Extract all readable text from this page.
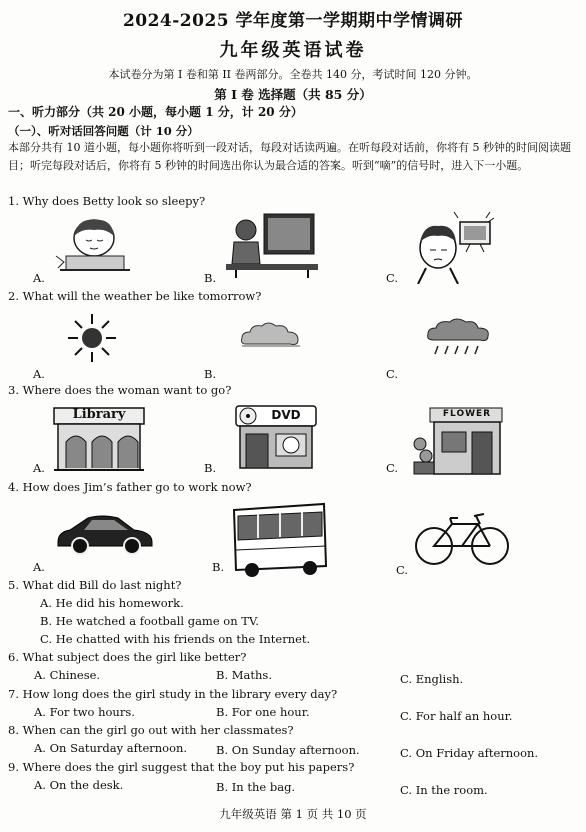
2024-2025 学年度第一学期期中学情调研
九年级英语试卷
本试卷分为第 I 卷和第 II 卷两部分。全卷共 140 分，考试时间 120 分钟。
第 I 卷 选择题（共 85 分）
一、听力部分（共 20 小题，每小题 1 分，计 20 分）
（一）、听对话回答问题（计 10 分）
本部分共有 10 道小题，每小题你将听到一段对话，每段对话读两遍。在听每段对话前，你将有 5 秒钟的时间阅读题目；听完每段对话后，你将有 5 秒钟的时间选出你认为最合适的答案。听到“嘀”的信号时，进入下一小题。
1. Why does Betty look so sleepy?
A.	B.	C.
2. What will the weather be like tomorrow?
A.	B.	C.
3. Where does the woman want to go?
A.	B.	C.
Library	DVD	FLOWER
4. How does Jim’s father go to work now?
A.	B.	C.
5. What did Bill do last night?
A. He did his homework.
B. He watched a football game on TV.
C. He chatted with his friends on the Internet.
6. What subject does the girl like better?
A. Chinese.	B. Maths.	C. English.
7. How long does the girl study in the library every day?
A. For two hours.	B. For one hour.	C. For half an hour.
8. When can the girl go out with her classmates?
A. On Saturday afternoon.	B. On Sunday afternoon.	C. On Friday afternoon.
9. Where does the girl suggest that the boy put his papers?
A. On the desk.	B. In the bag.	C. In the room.
九年级英语 第 1 页 共 10 页
